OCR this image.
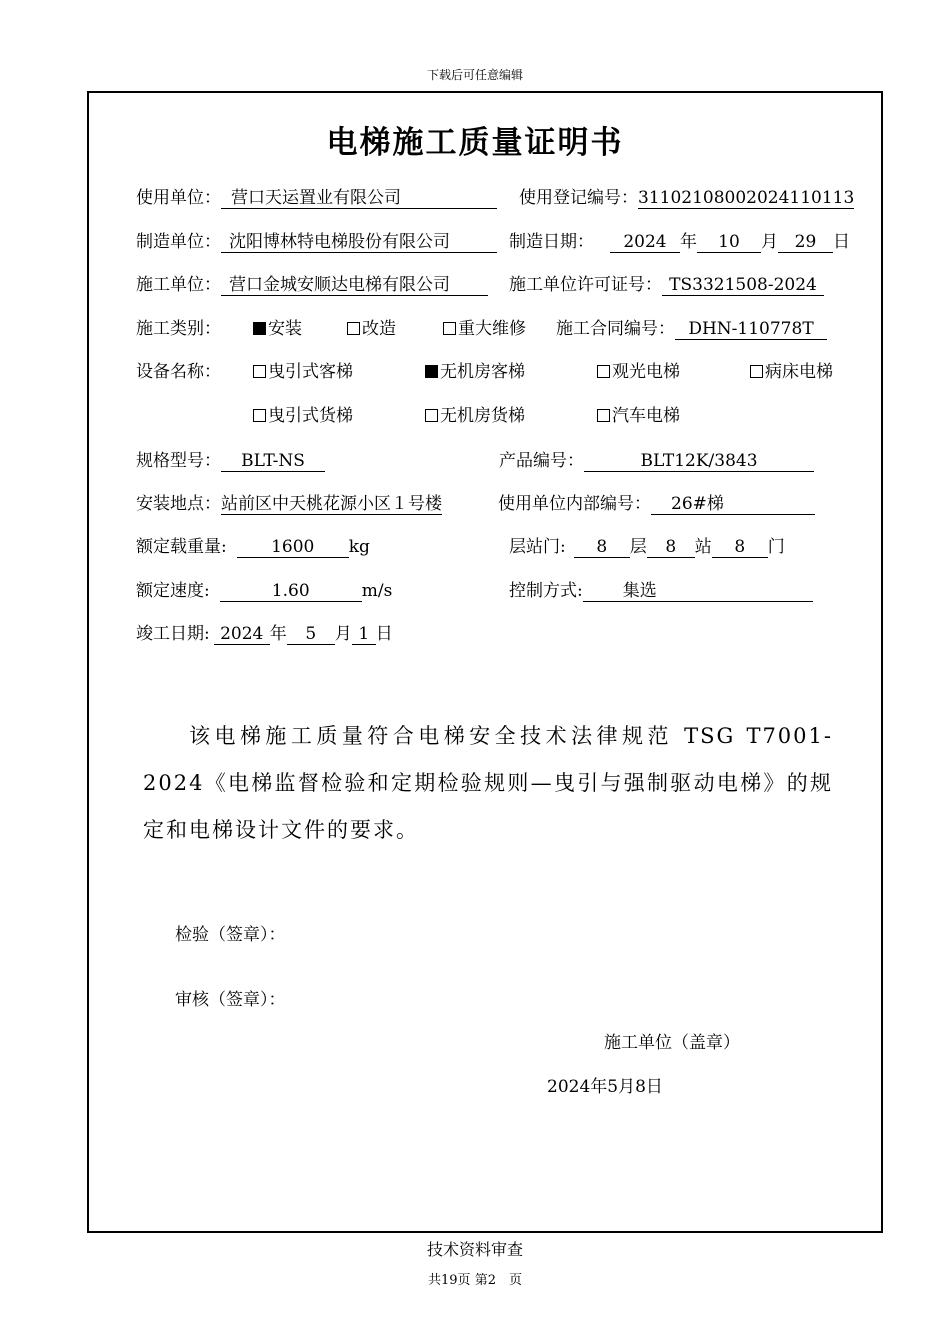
下载后可任意编辑
电梯施工质量证明书
使用单位： 营口天运置业有限公司	使用登记编号：31102108002024110113
制造单位： 沈阳博林特电梯股份有限公司	制造日期： 2024 年 10 月 29 日
施工单位： 营口金城安顺达电梯有限公司	施工单位许可证号： TS3321508-2024
施工类别：	安装	改造	重大维修 施工合同编号： DHN-110778T
设备名称：	曳引式客梯	无机房客梯	观光电梯	病床电梯
曳引式货梯	无机房货梯	汽车电梯
规格型号： BLT-NS	产品编号：	BLT12K/3843
安装地点：站前区中天桃花源小区１号楼	使用单位内部编号： 26#梯
额定载重量:	1600 kg	层站门: 8 层 8 站 8 门
额定速度:	1.60	m/s	控制方式: 集选
竣工日期: 2024 年 5 月 1 日
该电梯施工质量符合电梯安全技术法律规范 TSG T7001-2024《电梯监督检验和定期检验规则—曳引与强制驱动电梯》的规定和电梯设计文件的要求。
检验（签章）：
审核（签章）：
施工单位（盖章）
2024年5月8日
技术资料审查
共19页 第2　页
